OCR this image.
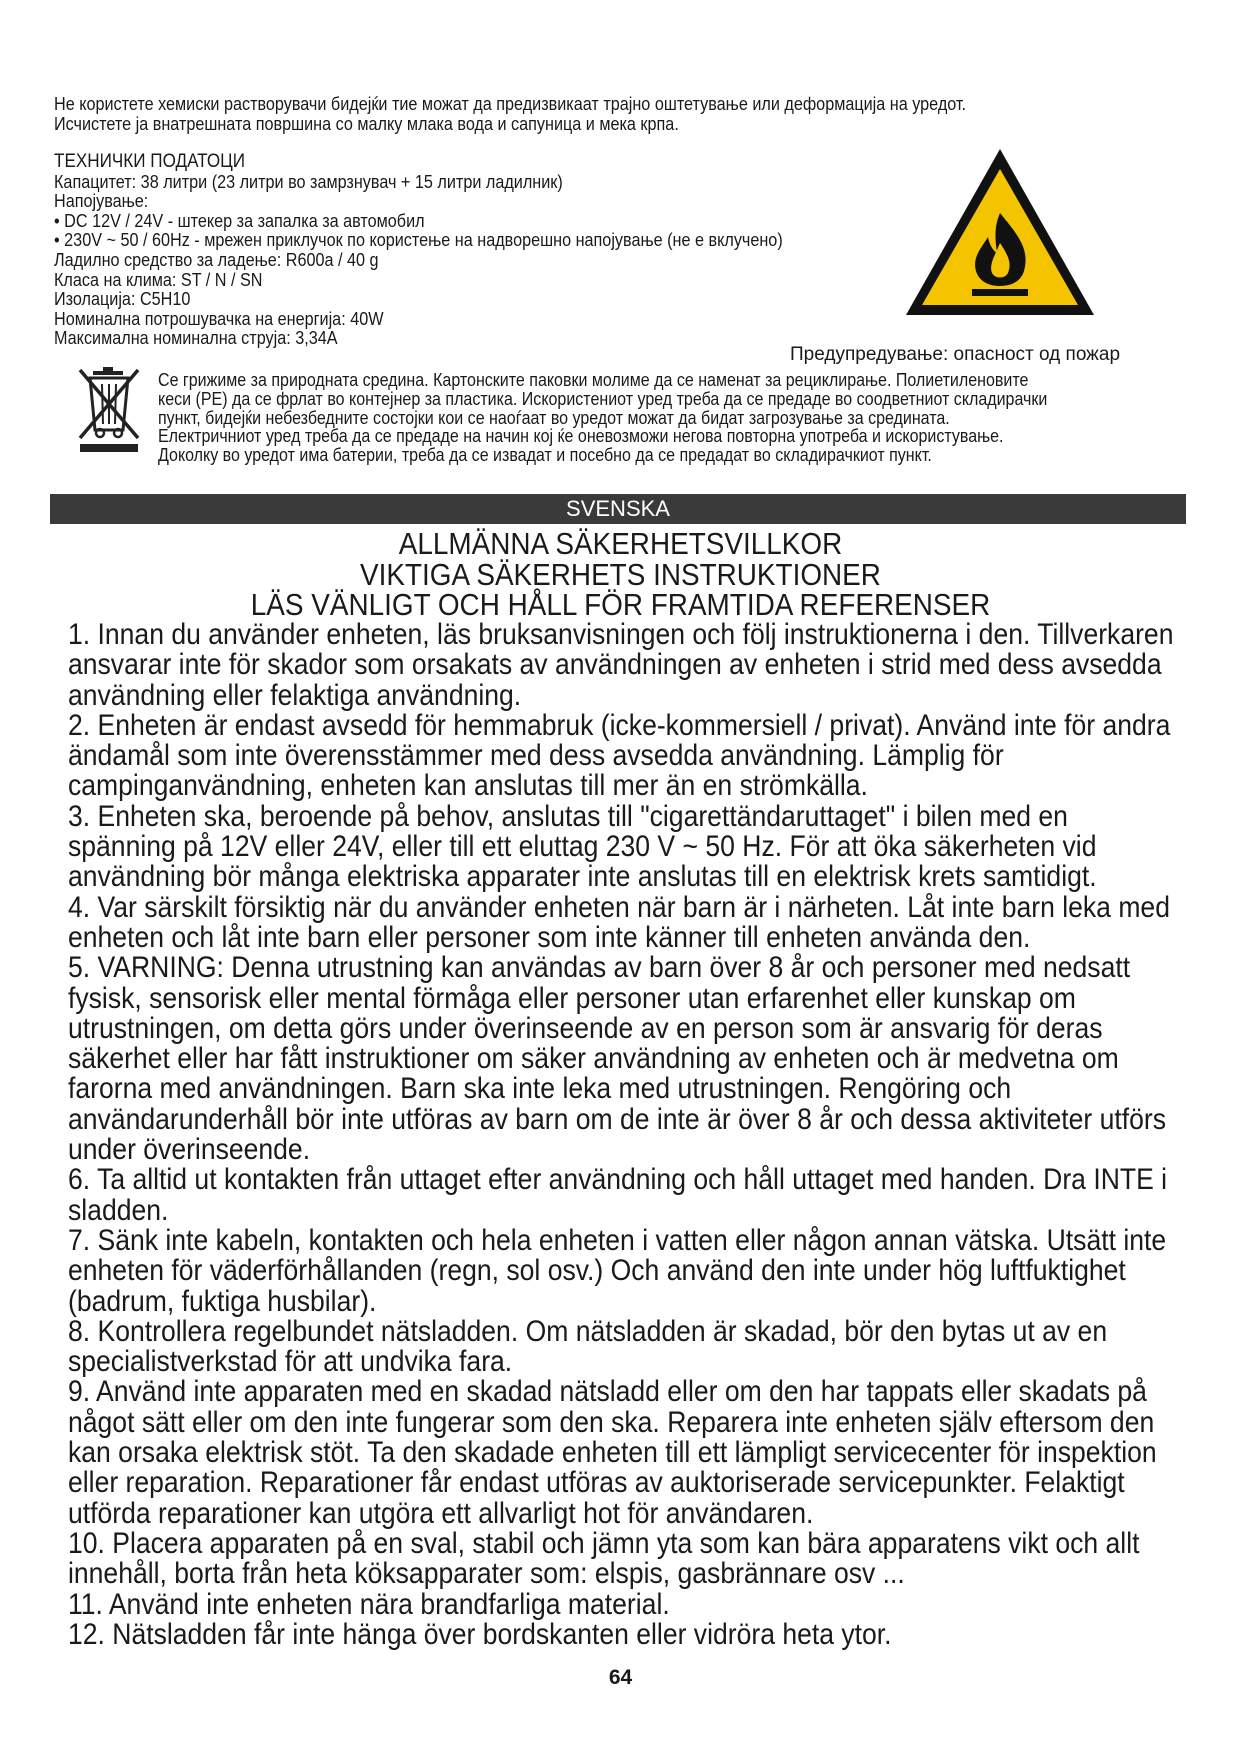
Не користете хемиски растворувачи бидејќи тие можат да предизвикаат трајно оштетување или деформација на уредот.
Исчистете ја внатрешната површина со малку млака вода и сапуница и мека крпа.
ТЕХНИЧКИ ПОДАТОЦИ
Капацитет: 38 литри (23 литри во замрзнувач + 15 литри ладилник)
Напојување:
• DC 12V / 24V - штекер за запалка за автомобил
• 230V ~ 50 / 60Hz - мрежен приклучок по користење на надворешно напојување (не е вклучено)
Ладилно средство за ладење: R600a / 40 g
Класа на клима: ST / N / SN
Изолација: C5H10
Номинална потрошувачка на енергија: 40W
Максимална номинална струја: 3,34A
Предупредување: опасност од пожар
Се грижиме за природната средина. Картонските паковки молиме да се наменат за рециклирање. Полиетиленовите
кеси (PE) да се фрлат во контејнер за пластика. Искористениот уред треба да се предаде во соодветниот складирачки
пункт, бидејќи небезбедните состојки кои се наоѓаат во уредот можат да бидат загрозување за средината.
Електричниот уред треба да се предаде на начин кој ќе оневозможи негова повторна употреба и искористување.
Доколку во уредот има батерии, треба да се извадат и посебно да се предадат во складирачкиот пункт.
SVENSKA
ALLMÄNNA SÄKERHETSVILLKOR
VIKTIGA SÄKERHETS INSTRUKTIONER
LÄS VÄNLIGT OCH HÅLL FÖR FRAMTIDA REFERENSER

1. Innan du använder enheten, läs bruksanvisningen och följ instruktionerna i den. Tillverkaren ansvarar inte för skador som orsakats av användningen av enheten i strid med dess avsedda användning eller felaktiga användning.

2. Enheten är endast avsedd för hemmabruk (icke-kommersiell / privat). Använd inte för andra ändamål som inte överensstämmer med dess avsedda användning. Lämplig för campinganvändning, enheten kan anslutas till mer än en strömkälla.

3. Enheten ska, beroende på behov, anslutas till "cigarettändaruttaget" i bilen med en spänning på 12V eller 24V, eller till ett eluttag 230 V ~ 50 Hz. För att öka säkerheten vid användning bör många elektriska apparater inte anslutas till en elektrisk krets samtidigt.

4. Var särskilt försiktig när du använder enheten när barn är i närheten. Låt inte barn leka med enheten och låt inte barn eller personer som inte känner till enheten använda den.

5. VARNING: Denna utrustning kan användas av barn över 8 år och personer med nedsatt fysisk, sensorisk eller mental förmåga eller personer utan erfarenhet eller kunskap om utrustningen, om detta görs under överinseende av en person som är ansvarig för deras säkerhet eller har fått instruktioner om säker användning av enheten och är medvetna om farorna med användningen. Barn ska inte leka med utrustningen. Rengöring och användarunderhåll bör inte utföras av barn om de inte är över 8 år och dessa aktiviteter utförs under överinseende.

6. Ta alltid ut kontakten från uttaget efter användning och håll uttaget med handen. Dra INTE i sladden.

7. Sänk inte kabeln, kontakten och hela enheten i vatten eller någon annan vätska. Utsätt inte enheten för väderförhållanden (regn, sol osv.) Och använd den inte under hög luftfuktighet (badrum, fuktiga husbilar).

8. Kontrollera regelbundet nätsladden. Om nätsladden är skadad, bör den bytas ut av en specialistverkstad för att undvika fara.

9. Använd inte apparaten med en skadad nätsladd eller om den har tappats eller skadats på något sätt eller om den inte fungerar som den ska. Reparera inte enheten själv eftersom den kan orsaka elektrisk stöt. Ta den skadade enheten till ett lämpligt servicecenter för inspektion eller reparation. Reparationer får endast utföras av auktoriserade servicepunkter. Felaktigt utförda reparationer kan utgöra ett allvarligt hot för användaren.

10. Placera apparaten på en sval, stabil och jämn yta som kan bära apparatens vikt och allt innehåll, borta från heta köksapparater som: elspis, gasbrännare osv ...

11. Använd inte enheten nära brandfarliga material.

12. Nätsladden får inte hänga över bordskanten eller vidröra heta ytor.

64
